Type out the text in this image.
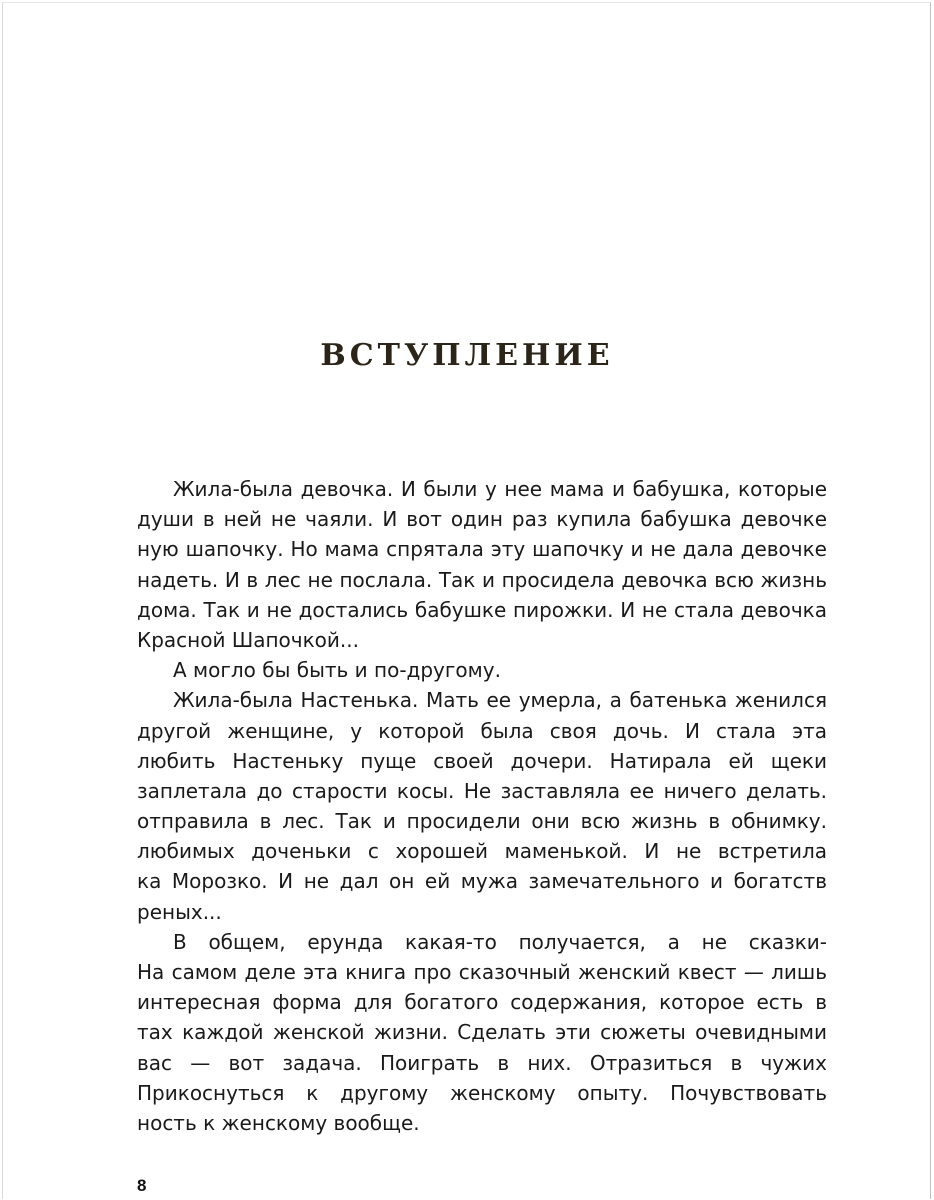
ВСТУПЛЕНИЕ
Жила-была девочка. И были у нее мама и бабушка, которые
души в ней не чаяли. И вот один раз купила бабушка девочке
ную шапочку. Но мама спрятала эту шапочку и не дала девочке
надеть. И в лес не послала. Так и просидела девочка всю жизнь
дома. Так и не достались бабушке пирожки. И не стала девочка
Красной Шапочкой...
А могло бы быть и по-другому.
Жила-была Настенька. Мать ее умерла, а батенька женился
другой женщине, у которой была своя дочь. И стала эта
любить Настеньку пуще своей дочери. Натирала ей щеки
заплетала до старости косы. Не заставляла ее ничего делать.
отправила в лес. Так и просидели они всю жизнь в обнимку.
любимых доченьки с хорошей маменькой. И не встретила
ка Морозко. И не дал он ей мужа замечательного и богатств
реных...
В общем, ерунда какая-то получается, а не сказки-
На самом деле эта книга про сказочный женский квест — лишь
интересная форма для богатого содержания, которое есть в
тах каждой женской жизни. Сделать эти сюжеты очевидными
вас — вот задача. Поиграть в них. Отразиться в чужих
Прикоснуться к другому женскому опыту. Почувствовать
ность к женскому вообще.

8
